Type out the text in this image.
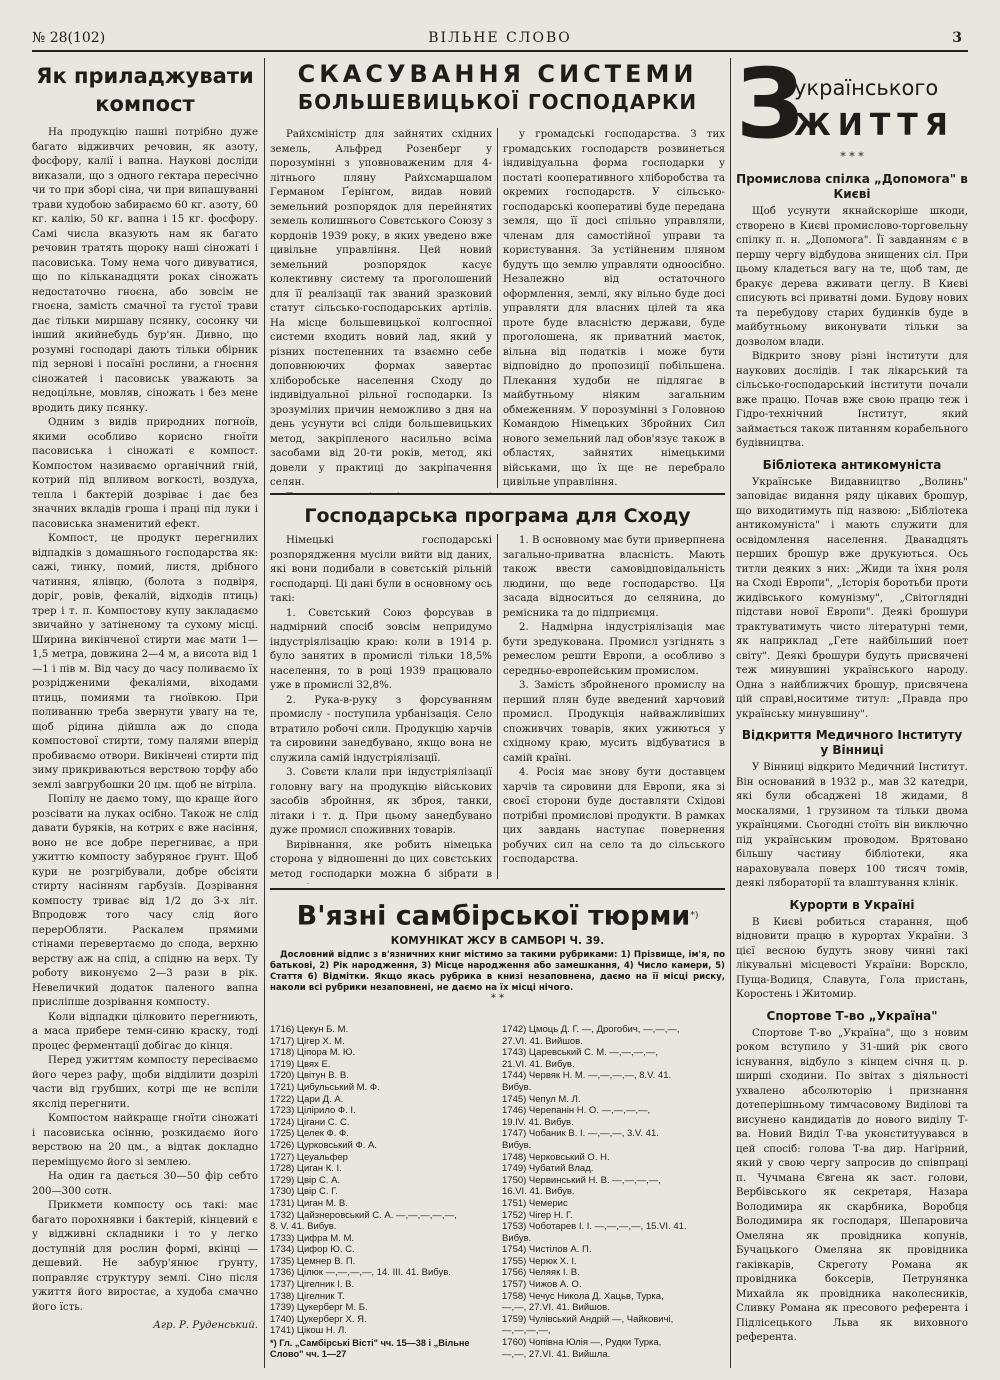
№ 28(102)	ВІЛЬНЕ СЛОВО	3
Як приладжувати компост

На продукцію пашні потрібно дуже багато відживчих речовин, як азоту, фосфору, калії і вапна. Наукові досліди виказали, що з одного гектара пересічно чи то при зборі сіна, чи при випашуванні трави худобою забираємо 60 кг. азоту, 60 кг. калію, 50 кг. вапна і 15 кг. фосфору. Самі числа вказують нам як багато речовин тратять щороку наші сіножаті і пасовиська. Тому нема чого дивуватися, що по кільканадцяти роках сіножать недостаточно гноєна, або зовсім не гноєна, замість смачної та густої трави дає тільки миршаву псянку, сосонку чи інший якийнебудь бур'ян. Дивно, що розумні господарі дають тільки обірник під зернові і посаїні рослини, а гноєння сіножатей і пасовиськ уважають за недоцільне, мовляв, сіножать і без мене вродить дику псянку.

Одним з видів природних погноїв, якими особливо корисно гноїти пасовиська і сіножаті є компост. Компостом називаємо органічний гній, котрий під впливом вогкості, воздуха, тепла і бактерій дозріває і дає без значних вкладів гроша і праці під луки і пасовиська знаменитий ефект.

Компост, це продукт перегнилих відпадків з домашнього господарства як: сажі, тинку, помий, листя, дрібного чатиння, ялівцю, (болота з подвіря, доріг, ровів, фекалій, відходів птиць) трер і т. п. Компостову купу закладаємо звичайно у затіненому та сухому місці. Ширина викінченої стирти має мати 1—1,5 метра, довжина 2—4 м, а висота від 1—1 і пів м. Від часу до часу поливаємо їх розрідженими фекаліями, віходами птиць, помиями та гноївкою. При поливанню треба звернути увагу на те, щоб рідина дійшла аж до спода компостової стирти, тому палями вперід пробиваємо отвори. Викінчені стирти під зиму прикриваються верствою торфу або землі завгрубошки 20 цм. щоб не вітріла.

Попілу не даємо тому, що краще його розсівати на луках осібно. Також не слід давати буряків, на котрих є вже насіння, воно не все добре перегниває, а при ужиттю компосту забуряноє ґрунт. Щоб кури не розгрібували, добре обсіяти стирту насінням гарбузів. Дозрівання компосту триває від 1/2 до 3-х літ. Впродовж того часу слід його перерОбляти. Раскалем прямими стінами перевертаємо до спода, верхню верству аж на спід, а спідню на верх. Ту роботу виконуємо 2—3 рази в рік. Невеличкий додаток паленого вапна присліпше дозрівання компосту.

Коли відпадки цілковито перегниють, а маса прибере темн-синю краску, тоді процес ферментації добігає до кінця.

Перед ужиттям компосту пересіваємо його через рафу, щоби відділити дозрілі части від грубших, котрі ще не вспіли якслід перегнити.

Компостом найкраще гноїти сіножаті і пасовиська осінню, розкидаємо його верствою на 20 цм., а відтак докладно переміщуємо його зі землею.

На один га дається 30—50 фір себто 200—300 сотн.

Прикмети компосту ось такі: має багато порохнявки і бактерій, кінцевий є у відживні складники і то у легко доступній для рослин формі, вкінці — дешевий. Не забур'янює ґрунту, поправляє структуру землі. Сіно після ужиття його виростає, а худоба смачно його їсть.

Агр. Р. Руденський.

СКАСУВАННЯ СИСТЕМИ
БОЛЬШЕВИЦЬКОЇ ГОСПОДАРКИ

Райхсміністр для зайнятих східних земель, Альфред Розенберг у порозумінні з уповноваженим для 4-літнього пляну Райхсмаршалом Германом Ґерінгом, видав новий земельний розпорядок для перейнятих земель колишнього Совєтського Союзу з кордонів 1939 року, в яких уведено вже цивільне управління. Цей новий земельний розпорядок касує колективну систему та проголошений для її реалізації так званий зразковий статут сільсько-господарських артілів. На місце большевицької колгоспної системи входить новий лад, який у різних постепенних та взаємно себе доповнюючих формах завертає хліборобське населення Сходу до індивідуальної рільної господарки. Із зрозумілих причин неможливо з дня на день усунути всі сліди большевицьких метод, закріпленого насильно всіма засобами від 20-ти років, метод, які довели у практиці до закріпачення селян.

у громадські господарства. З тих громадських господарств розвинеться індивідуальна форма господарки у постаті кооперативного хліборобства та окремих господарств. У сільсько-господарські кооперативі буде передана земля, що її досі спільно управляли, членам для самостійної управи та користування. За устійненим пляном будуть що землю управляти одноосібно. Незалежно від остаточного оформлення, землі, яку вільно буде досі управляти для власних цілей та яка проте буде власністю держави, буде проголошена, як приватний маєток, вільна від податків і може бути відповідно до пропозиції побільшена. Плекання худоби не підлягає в майбутньому ніяким загальним обмеженням. У порозумінні з Головною Командою Німецьких Збройних Сил нового земельний лад обов'язує також в областях, зайнятих німецькими військами, що їх ще не перебрало цивільне управління.

Господарська програма для Сходу

Німецькі господарські розпорядження мусіли вийти від даних, які вони подибали в совєтській рільній господарці. Ці дані були в основному ось такі:

1. Совєтський Союз форсував в надмірний спосіб зовсім непридумо індустріялізацію краю: коли в 1914 р. було занятих в промислі тільки 18,5% населення, то в році 1939 працювало уже в промислі 32,8%.

2. Рука-в-руку з форсуванням промислу - поступила урбанізація. Село втратило робочі сили. Продукцію харчів та сировини занедбувано, якщо вона не служила самій індустріялізації.

3. Совєти клали при індустріялізації головну вагу на продукцію військових засобів збройння, як зброя, танки, літаки і т. д. При цьому занедбувано дуже промисл споживних товарів.

Вирівнання, яке робить німецька сторона у відношенні до цих совєтських метод господарки можна б зібрати в

1. В основному має бути приверпнена загально-приватна власність. Мають також ввести самовідповідальність людини, що веде господарство. Ця засада відноситься до селянина, до ремісника та до підприємця.

2. Надмірна індустріялізація має бути зредукована. Промисл узгіднять з ремеслом решти Европи, а особливо з середньо-европейським промислом.

3. Замість збройненого промислу на перший плян буде введений харчовий промисл. Продукція найважливіших споживчих товарів, яких ужиються у східному краю, мусить відбуватися в самій країні.

4. Росія має знову бути доставцем харчів та сировини для Европи, яка зі своєї сторони буде доставляти Східові потрібні промислові продукти. В рамках цих завдань наступає повернення робучих сил на село та до сільського господарства.

В'язні самбірської тюрми*)
КОМУНІКАТ ЖСУ В САМБОРІ Ч. 39.

Дословний відпис з в'язничних книг містимо за такими рубриками: 1) Прізвище, ім'я, по батькові, 2) Рік народження, 3) Місце народження або замешкання, 4) Число камери, 5) Стаття 6) Відмітки. Якщо якась рубрика в книзі незаповнена, даємо на її місці риску, наколи всі рубрики незаповнені, не даємо на їх місці нічого.

* *
1716) Цекун Б. М.
1717) Цігер Х. М.
1718) Ціпора М. Ю.
1719) Цвях Е.
1720) Цвітун В. В.
1721) Цибульський М. Ф.
1722) Цари Д. А.
1723) Цілірило Ф. І.
1724) Цігани С. С.
1725) Целек Ф. Ф.
1726) Цурковський Ф. А.
1727) Цеуальфер
1728) Циган К. І.
1729) Цвір С. А.
1730) Цвір С. Г.
1731) Циган М. В.
1732) Цайзнеровський С. А. —,—,—,—,—,
8. V. 41. Вибув.
1733) Цифра М. М.
1734) Цифор Ю. С.
1735) Цемнер В. П.
1736) Цілюк —,—,—,—, 14. III. 41. Вибув.
1737) Цігелник І. В.
1738) Цігелник Т.
1739) Цукерберг М. Б.
1740) Цукерберг Х. Я.
1741) Цікош Н. Л.
1742) Цмоць Д. Г. —, Дрогобич, —,—,—,
27.VI. 41. Вийшов.
1743) Царевський С. М. —,—,—,—,
21.VI. 41. Вибув.
1744) Червяк Н. М. —,—,—,—, 8.V. 41.
Вибув.
1745) Чепул М. Л.
1746) Черепанін Н. О. —,—,—,—,
19.IV. 41. Вибув.
1747) Чобаник В. І. —,—,—, 3.V. 41.
Вибув.
1748) Черковський О. Н.
1749) Чубатий Влад.
1750) Червинський Н. В. —,—,—,—,
16.VI. 41. Вибув.
1751) Чемерис
1752) Чігер Н. Г.
1753) Чоботарев І. І. —,—,—,—, 15.VI. 41.
Вибув.
1754) Чистілов А. П.
1755) Черюк Х. І.
1756) Челяяк І. В.
1757) Чижов А. О.
1758) Чечус Никола Д. Хацьв, Турка,
—,—, 27.VI. 41. Вийшов.
1759) Чулівський Андрій —, Чайковичі,
—,—,—,—,
1760) Чопівна Юлія —, Рудки Турка,
—,—, 27.VI. 41. Вийшла.
*) Гл. „Самбірські Вісті" чч. 15—38 і „Вільне Слово" чч. 1—27
З
українського
ЖИТТЯ
* * *
Промислова спілка „Допомога" в Києві

Щоб усунути якнайскоріше шкоди, створено в Києві промислово-торговельну спілку п. н. „Допомога". Її завданням є в першу чергу відбудова знищених сіл. При цьому кладеться вагу на те, щоб там, де бракує дерева вживати цеглу. В Києві списують всі приватні доми. Будову нових та перебудову старих будинків буде в майбутньому виконувати тільки за дозволом влади.

Відкрито знову різні інститути для наукових дослідів. І так лікарський та сільсько-господарський інститути почали вже працю. Почав вже свою працю теж і Гідро-технічний Інститут, який займається також питанням корабельного будівництва.

Бібліотека антикомуніста

Українське Видавництво „Волинь" заповідає видання ряду цікавих брошур, що виходитимуть під назвою: „Бібліотека антикомуніста" і мають служити для освідомлення населення. Дванадцять перших брошур вже друкуються. Ось титли деяких з них: „Жиди та їхня роля на Сході Европи", „Історія боротьби проти жидівського комунізму", „Світоглядні підстави нової Европи". Деякі брошури трактуватимуть чисто літературні теми, як наприклад „Гете найбільший поет світу". Деякі брошури будуть присвячені теж минувшині українського народу. Одна з найближчих брошур, присвячена цій справі,носитиме титул: „Правда про українську минувшину".

Відкриття Медичного Інституту у Вінниці

У Вінниці відкрито Медичний Інститут. Він оснований в 1932 р., мав 32 катедри, які були обсаджені 18 жидами, 8 москалями, 1 грузином та тільки двома українцями. Сьогодні стоїть він виключно під українським проводом. Врятовано більшу частину бібліотеки, яка нараховувала поверх 100 тисяч томів, деякі лябораторії та влаштування клінік.

Курорти в Україні

В Києві робиться старання, щоб відновити працю в курортах України. З цієї весною будуть знову чинні такі лікувальні місцевості України: Ворскло, Пуща-Водиця, Славута, Гола пристань, Коростень і Житомир.

Спортове Т-во „Україна"

Спортове Т-во „Україна", що з новим роком вступило у 31-ший рік свого існування, відбуло з кінцем січня ц. р. ширші сходини. По звітах з діяльності ухвалено абсолюторію і признання дотеперішньому тимчасовому Виділові та висунено кандидатів до нового виділу Т-ва. Новий Виділ Т-ва уконституувався в цей спосіб: голова Т-ва дир. Нагірний, який у свою чергу запросив до співпраці п. Чучмана Євгена як заст. голови, Вербівського як секретаря, Назара Володимира як скарбника, Воробця Володимира як господаря, Шепаровича Омеляна як провідника копунів, Бучацького Омеляна як провідника гаківкарів, Скреготу Романа як провідника боксерів, Петрунянка Михайла як провідника наколесників, Сливку Романа як пресового референта і Підлісецького Льва як виховного референта.
